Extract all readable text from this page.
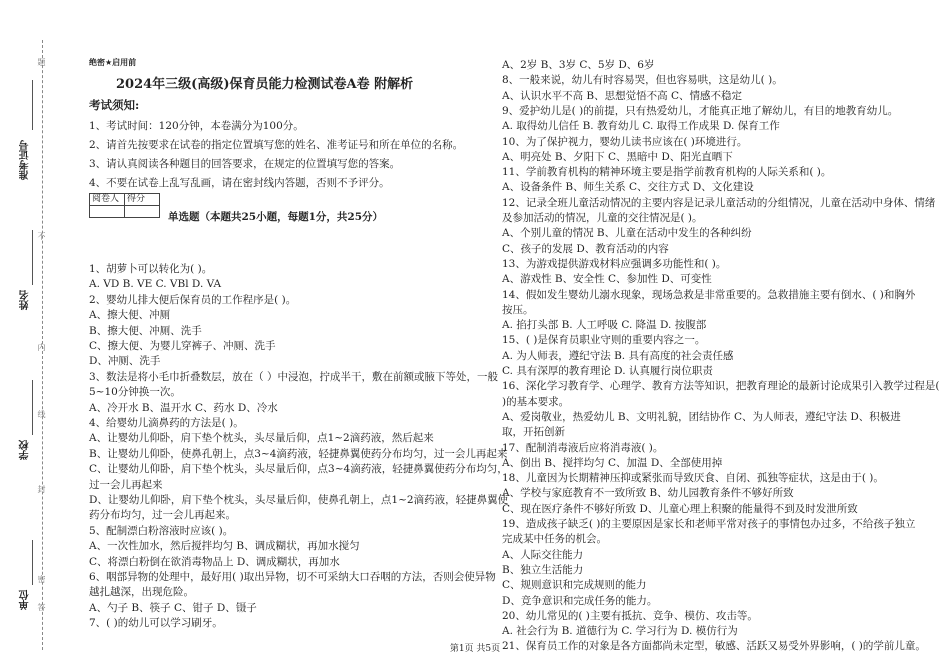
准考证号
姓名
学校
单位
不
内
线
封
密
题
答
绝密★启用前
2024年三级(高级)保育员能力检测试卷A卷 附解析
考试须知:
1、考试时间：120分钟，本卷满分为100分。
2、请首先按要求在试卷的指定位置填写您的姓名、准考证号和所在单位的名称。
3、请认真阅读各种题目的回答要求，在规定的位置填写您的答案。
4、不要在试卷上乱写乱画，请在密封线内答题，否则不予评分。
阅卷人	得分

单选题（本题共25小题，每题1分，共25分）
1、胡萝卜可以转化为( )。
A. VD B. VE C. VBl D. VA
2、婴幼儿排大便后保育员的工作程序是( )。
A、擦大便、冲厕
B、擦大便、冲厕、洗手
C、擦大便、为婴儿穿裤子、冲厕、洗手
D、冲厕、洗手
3、数法是将小毛巾折叠数层，放在（ ）中浸泡，拧成半干，敷在前额或腋下等处，一般
5~10分钟换一次。
A、冷开水 B、温开水 C、药水 D、冷水
4、给婴幼儿滴鼻药的方法是( )。
A、让婴幼儿仰卧，肩下垫个枕头，头尽量后仰，点1~2滴药液，然后起来
B、让婴幼儿仰卧，使鼻孔朝上，点3~4滴药液，轻捷鼻翼使药分布均匀，过一会儿再起来
C、让婴幼儿仰卧，肩下垫个枕头，头尽量后仰，点3~4滴药液，轻捷鼻翼使药分布均匀，
过一会儿再起来
D、让婴幼儿仰卧，肩下垫个枕头，头尽量后仰，使鼻孔朝上，点1~2滴药液，轻捷鼻翼使
药分布均匀，过一会儿再起来。
5、配制漂白粉溶液时应该( )。
A、一次性加水，然后搅拌均匀 B、调成糊状，再加水搅匀
C、将漂白粉倒在欲消毒物品上 D、调成糊状，再加水
6、咽部异物的处理中，最好用( )取出异物，切不可采纳大口吞咽的方法，否则会使异物
越扎越深，出现危险。
A、勺子 B、筷子 C、钳子 D、镊子
7、( )的幼儿可以学习刷牙。
A、2岁 B、3岁 C、5岁 D、6岁
8、一般来说，幼儿有时容易哭，但也容易哄，这是幼儿( )。
A、认识水平不高 B、思想觉悟不高 C、情感不稳定
9、爱护幼儿是( )的前提，只有热爱幼儿，才能真正地了解幼儿，有目的地教育幼儿。
A. 取得幼儿信任 B. 教育幼儿 C. 取得工作成果 D. 保育工作
10、为了保护视力，婴幼儿读书应该在( )环境进行。
A、明亮处 B、夕阳下 C、黑暗中 D、阳光直晒下
11、学前教育机构的精神环境主要是指学前教育机构的人际关系和( )。
A、设备条件 B、师生关系 C、交往方式 D、文化建设
12、记录全班儿童活动情况的主要内容是记录儿童活动的分组情况，儿童在活动中身体、情绪
及参加活动的情况，儿童的交往情况是( )。
A、个别儿童的情况 B、儿童在活动中发生的各种纠纷
C、孩子的发展 D、教育活动的内容
13、为游戏提供游戏材料应强调多功能性和( )。
A、游戏性 B、安全性 C、参加性 D、可变性
14、假如发生婴幼儿溺水现象，现场急救是非常重要的。急救措施主要有倒水、( )和胸外
按压。
A. 掐打头部 B. 人工呼吸 C. 降温 D. 按腹部
15、( )是保育员职业守则的重要内容之一。
A. 为人师表，遵纪守法 B. 具有高度的社会责任感
C. 具有深厚的教育理论 D. 认真履行岗位职责
16、深化学习教育学、心理学、教育方法等知识，把教育理论的最新讨论成果引入教学过程是(
)的基本要求。
A、爱岗敬业，热爱幼儿 B、文明礼貌，团结协作 C、为人师表，遵纪守法 D、积极进
取，开拓创新
17、配制消毒液后应将消毒液( )。
A、倒出 B、搅拌均匀 C、加温 D、全部使用掉
18、儿童因为长期精神压抑或紧张而导致厌食、自闭、孤独等症状，这是由于( )。
A、学校与家庭教育不一致所致 B、幼儿园教育条件不够好所致
C、现在医疗条件不够好所致 D、儿童心理上积聚的能量得不到及时发泄所致
19、造成孩子缺乏( )的主要原因是家长和老师平常对孩子的事情包办过多，不给孩子独立
完成某中任务的机会。
A、人际交往能力
B、独立生活能力
C、规则意识和完成规则的能力
D、竞争意识和完成任务的能力。
20、幼儿常见的( )主要有抵抗、竞争、模仿、攻击等。
A. 社会行为 B. 道德行为 C. 学习行为 D. 模仿行为
21、保育员工作的对象是各方面都尚未定型，敏感、活跃又易受外界影响，( )的学前儿童。
第1页 共5页
